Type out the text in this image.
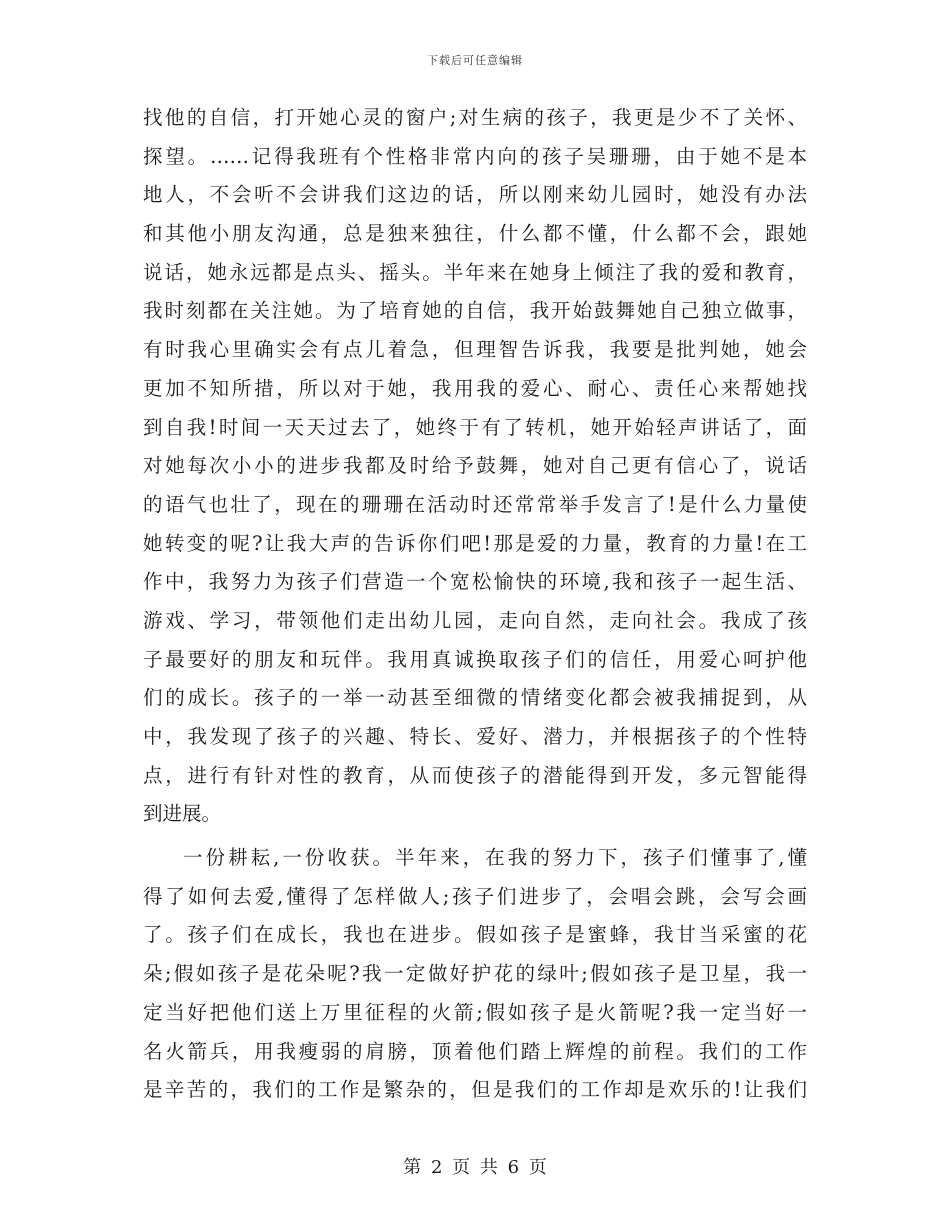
下载后可任意编辑
找他的自信，打开她心灵的窗户;对生病的孩子，我更是少不了关怀、
探望。……记得我班有个性格非常内向的孩子吴珊珊，由于她不是本
地人，不会听不会讲我们这边的话，所以刚来幼儿园时，她没有办法
和其他小朋友沟通，总是独来独往，什么都不懂，什么都不会，跟她
说话，她永远都是点头、摇头。半年来在她身上倾注了我的爱和教育，
我时刻都在关注她。为了培育她的自信，我开始鼓舞她自己独立做事，
有时我心里确实会有点儿着急，但理智告诉我，我要是批判她，她会
更加不知所措，所以对于她，我用我的爱心、耐心、责任心来帮她找
到自我!时间一天天过去了，她终于有了转机，她开始轻声讲话了，面
对她每次小小的进步我都及时给予鼓舞，她对自己更有信心了，说话
的语气也壮了，现在的珊珊在活动时还常常举手发言了!是什么力量使
她转变的呢?让我大声的告诉你们吧!那是爱的力量，教育的力量!在工
作中，我努力为孩子们营造一个宽松愉快的环境,我和孩子一起生活、
游戏、学习，带领他们走出幼儿园，走向自然，走向社会。我成了孩
子最要好的朋友和玩伴。我用真诚换取孩子们的信任，用爱心呵护他
们的成长。孩子的一举一动甚至细微的情绪变化都会被我捕捉到，从
中，我发现了孩子的兴趣、特长、爱好、潜力，并根据孩子的个性特
点，进行有针对性的教育，从而使孩子的潜能得到开发，多元智能得
到进展。
一份耕耘,一份收获。半年来，在我的努力下，孩子们懂事了,懂
得了如何去爱,懂得了怎样做人;孩子们进步了，会唱会跳，会写会画
了。孩子们在成长，我也在进步。假如孩子是蜜蜂，我甘当采蜜的花
朵;假如孩子是花朵呢?我一定做好护花的绿叶;假如孩子是卫星，我一
定当好把他们送上万里征程的火箭;假如孩子是火箭呢?我一定当好一
名火箭兵，用我瘦弱的肩膀，顶着他们踏上辉煌的前程。我们的工作
是辛苦的，我们的工作是繁杂的，但是我们的工作却是欢乐的!让我们
第 2 页 共 6 页
